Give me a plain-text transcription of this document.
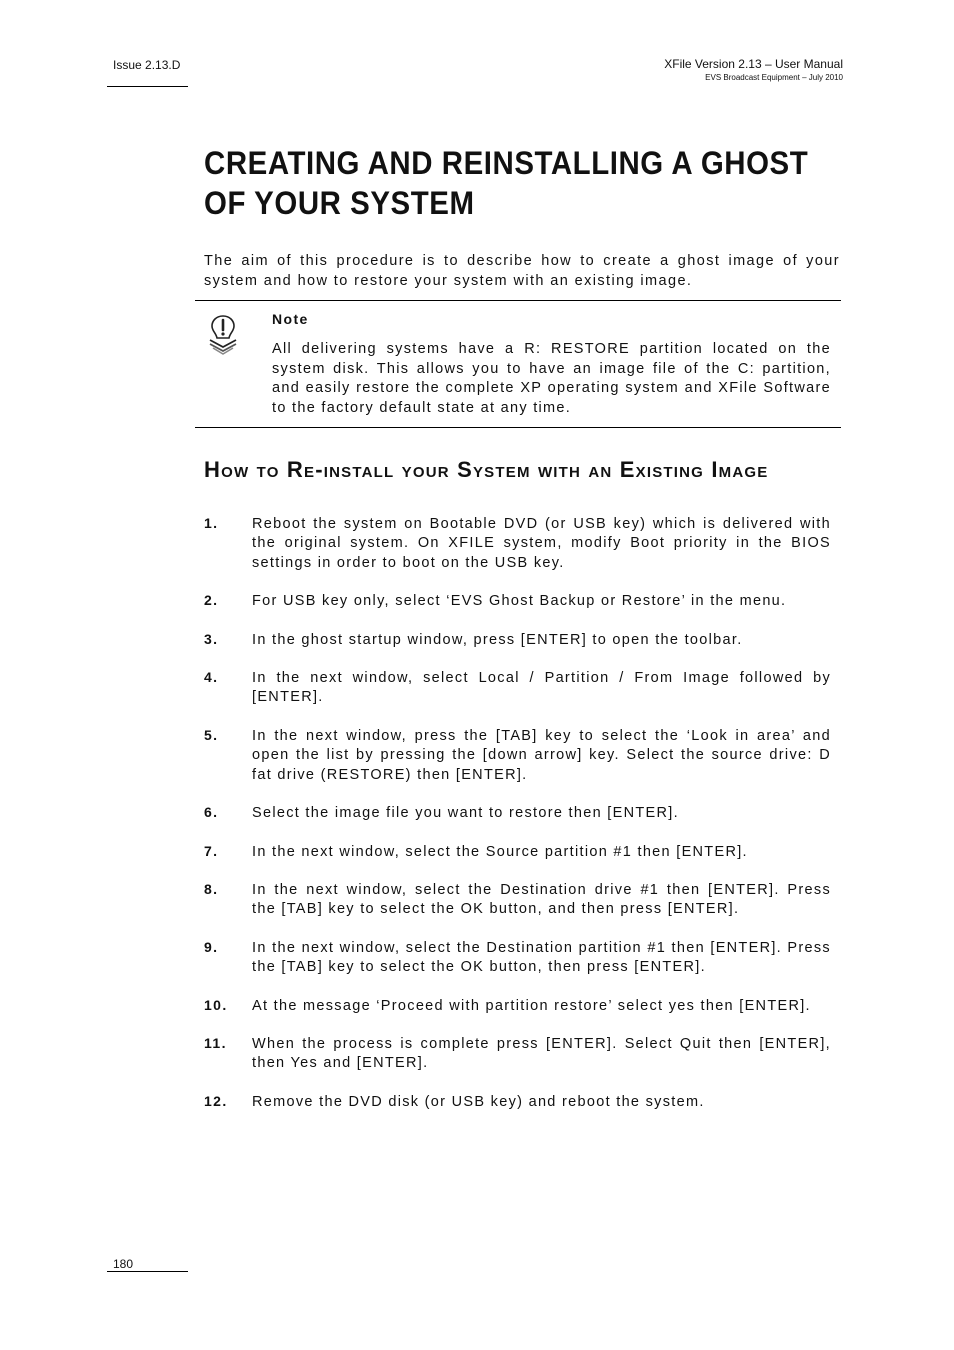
Issue 2.13.D	XFile Version 2.13 – User Manual
EVS Broadcast Equipment – July 2010
CREATING AND REINSTALLING A GHOST OF YOUR SYSTEM

The aim of this procedure is to describe how to create a ghost image of your system and how to restore your system with an existing image.

Note

All delivering systems have a R: RESTORE partition located on the system disk. This allows you to have an image file of the C: partition, and easily restore the complete XP operating system and XFile Software to the factory default state at any time.

How to Re-install your System with an Existing Image
1. Reboot the system on Bootable DVD (or USB key) which is delivered with the original system. On XFILE system, modify Boot priority in the BIOS settings in order to boot on the USB key.

2. For USB key only, select ‘EVS Ghost Backup or Restore’ in the menu.

3. In the ghost startup window, press [ENTER] to open the toolbar.

4. In the next window, select Local / Partition / From Image followed by [ENTER].

5. In the next window, press the [TAB] key to select the ‘Look in area’ and open the list by pressing the [down arrow] key. Select the source drive: D fat drive (RESTORE) then [ENTER].

6. Select the image file you want to restore then [ENTER].

7. In the next window, select the Source partition #1 then [ENTER].

8. In the next window, select the Destination drive #1 then [ENTER]. Press the [TAB] key to select the OK button, and then press [ENTER].

9. In the next window, select the Destination partition #1 then [ENTER]. Press the [TAB] key to select the OK button, then press [ENTER].

10. At the message ‘Proceed with partition restore’ select yes then [ENTER].

11. When the process is complete press [ENTER]. Select Quit then [ENTER], then Yes and [ENTER].

12. Remove the DVD disk (or USB key) and reboot the system.

180
